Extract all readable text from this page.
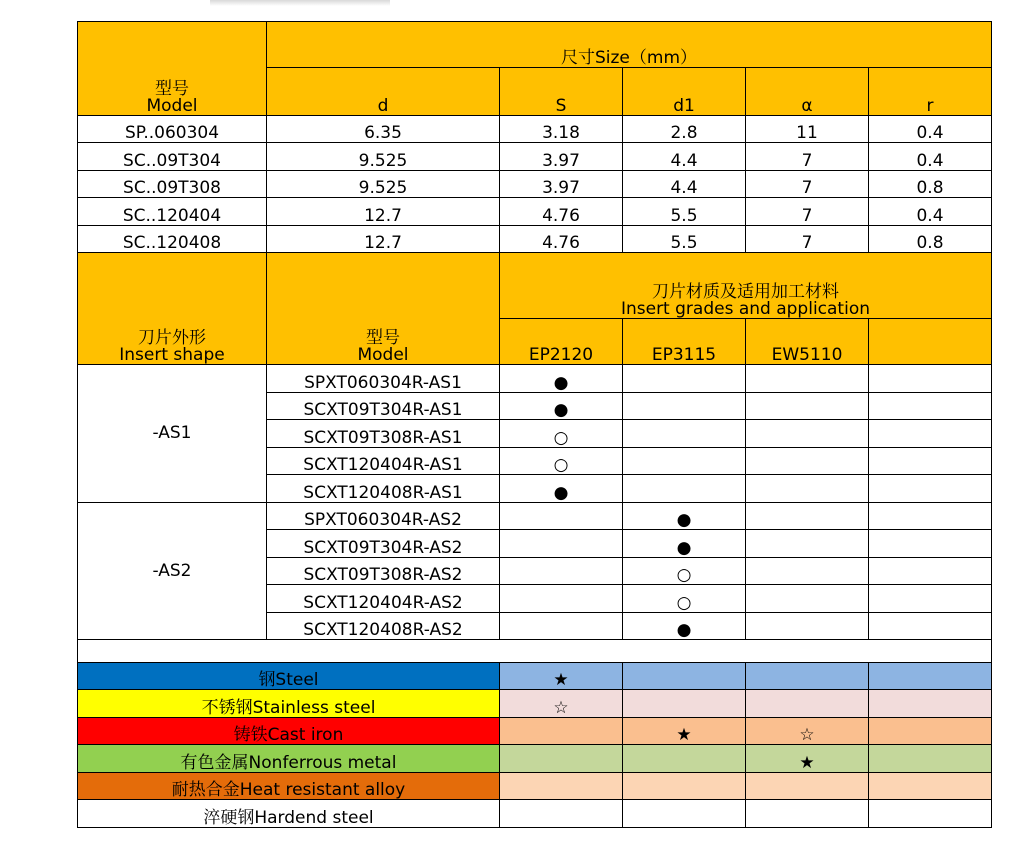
型号
Model	尺寸Size（mm）				
	d	S	d1	α	r
SP..060304	6.35	3.18	2.8	11	0.4
SC..09T304	9.525	3.97	4.4	7	0.4
SC..09T308	9.525	3.97	4.4	7	0.8
SC..120404	12.7	4.76	5.5	7	0.4
SC..120408	12.7	4.76	5.5	7	0.8

刀片外形
Insert shape	型号
Model	刀片材质及适用加工材料
Insert grades and application			

		EP2120	EP3115	EW5110	
-AS1	SPXT060304R-AS1	●			
	SCXT09T304R-AS1	●			
	SCXT09T308R-AS1	○			
	SCXT120404R-AS1	○			
	SCXT120408R-AS1	●			
-AS2	SPXT060304R-AS2		●		
	SCXT09T304R-AS2		●		
	SCXT09T308R-AS2		○		
	SCXT120404R-AS2		○		
	SCXT120408R-AS2		●		

钢Steel		★			
不锈钢Stainless steel		☆			
铸铁Cast iron			★	☆	
有色金属Nonferrous metal				★	
耐热合金Heat resistant alloy					
淬硬钢Hardend steel					
